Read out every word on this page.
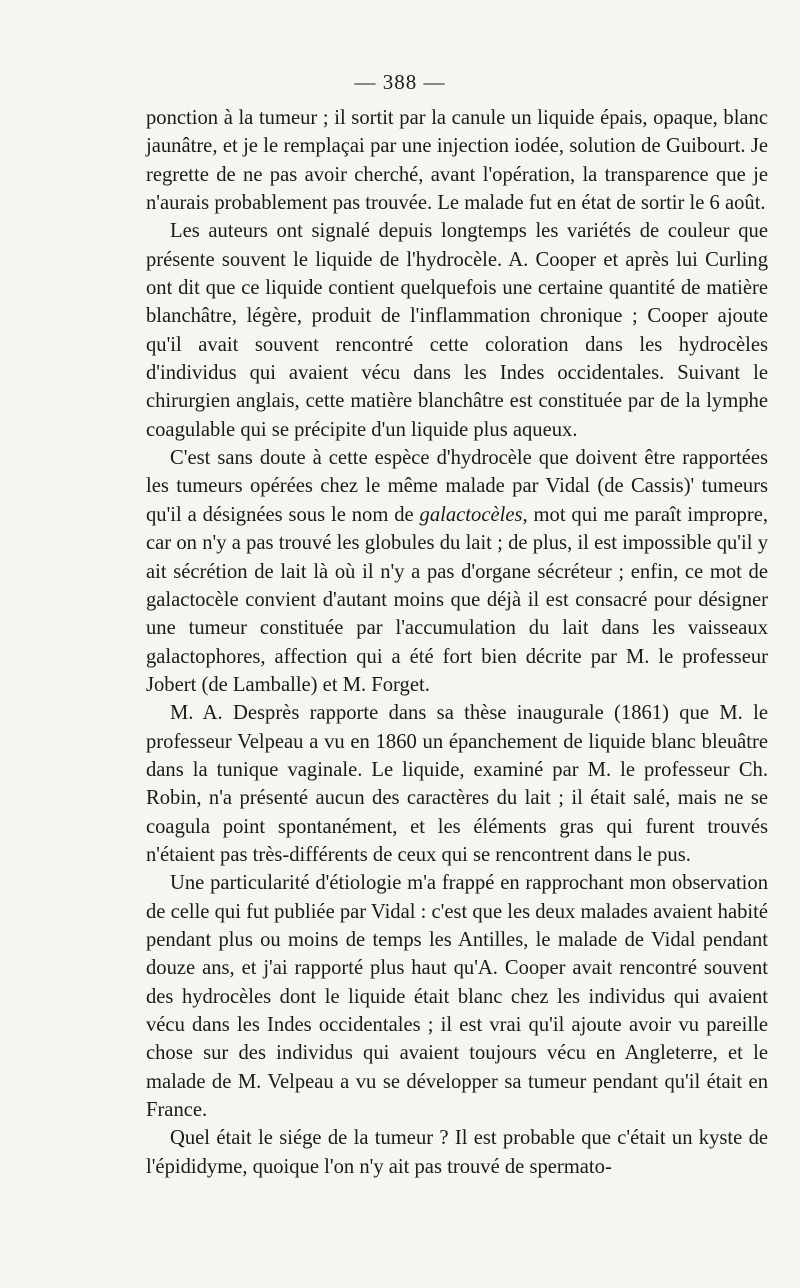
— 388 —

ponction à la tumeur ; il sortit par la canule un liquide épais, opaque, blanc jaunâtre, et je le remplaçai par une injection iodée, solution de Guibourt. Je regrette de ne pas avoir cherché, avant l'opération, la transparence que je n'aurais probablement pas trouvée. Le malade fut en état de sortir le 6 août.

Les auteurs ont signalé depuis longtemps les variétés de couleur que présente souvent le liquide de l'hydrocèle. A. Cooper et après lui Curling ont dit que ce liquide contient quelquefois une certaine quantité de matière blanchâtre, légère, produit de l'inflammation chronique ; Cooper ajoute qu'il avait souvent rencontré cette coloration dans les hydrocèles d'individus qui avaient vécu dans les Indes occidentales. Suivant le chirurgien anglais, cette matière blanchâtre est constituée par de la lymphe coagulable qui se précipite d'un liquide plus aqueux.

C'est sans doute à cette espèce d'hydrocèle que doivent être rapportées les tumeurs opérées chez le même malade par Vidal (de Cassis)' tumeurs qu'il a désignées sous le nom de galactocèles, mot qui me paraît impropre, car on n'y a pas trouvé les globules du lait ; de plus, il est impossible qu'il y ait sécrétion de lait là où il n'y a pas d'organe sécréteur ; enfin, ce mot de galactocèle convient d'autant moins que déjà il est consacré pour désigner une tumeur constituée par l'accumulation du lait dans les vaisseaux galactophores, affection qui a été fort bien décrite par M. le professeur Jobert (de Lamballe) et M. Forget.

M. A. Desprès rapporte dans sa thèse inaugurale (1861) que M. le professeur Velpeau a vu en 1860 un épanchement de liquide blanc bleuâtre dans la tunique vaginale. Le liquide, examiné par M. le professeur Ch. Robin, n'a présenté aucun des caractères du lait ; il était salé, mais ne se coagula point spontanément, et les éléments gras qui furent trouvés n'étaient pas très-différents de ceux qui se rencontrent dans le pus.

Une particularité d'étiologie m'a frappé en rapprochant mon observation de celle qui fut publiée par Vidal : c'est que les deux malades avaient habité pendant plus ou moins de temps les Antilles, le malade de Vidal pendant douze ans, et j'ai rapporté plus haut qu'A. Cooper avait rencontré souvent des hydrocèles dont le liquide était blanc chez les individus qui avaient vécu dans les Indes occidentales ; il est vrai qu'il ajoute avoir vu pareille chose sur des individus qui avaient toujours vécu en Angleterre, et le malade de M. Velpeau a vu se développer sa tumeur pendant qu'il était en France.

Quel était le siége de la tumeur ? Il est probable que c'était un kyste de l'épididyme, quoique l'on n'y ait pas trouvé de spermato-
